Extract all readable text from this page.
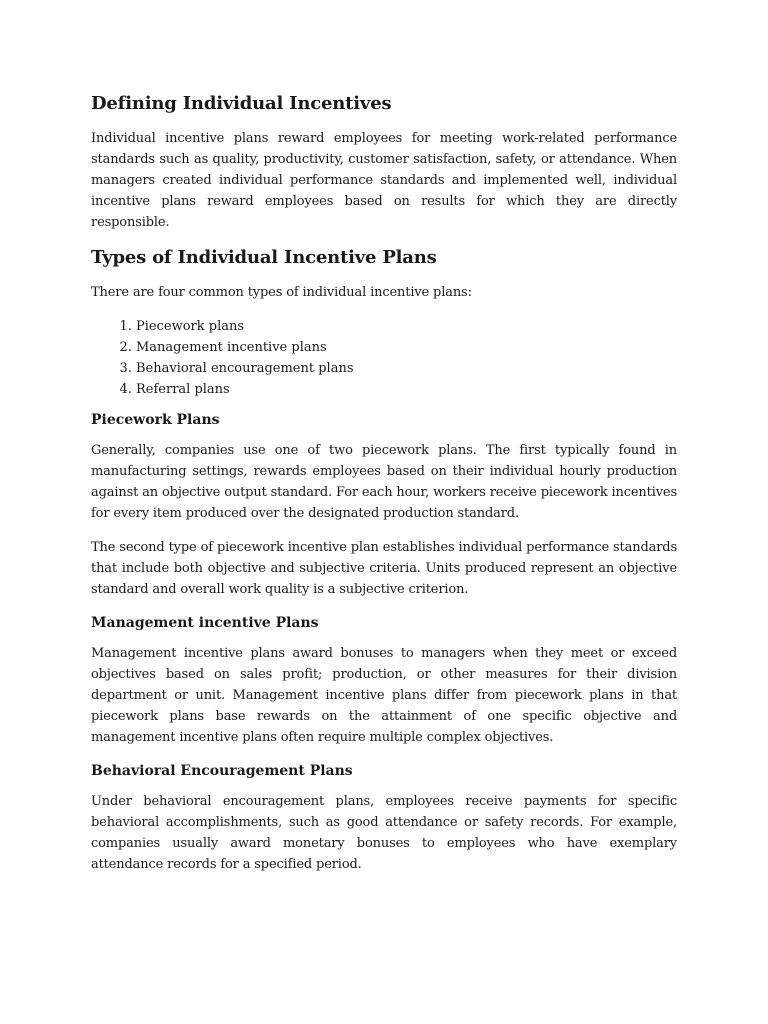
Defining Individual Incentives

Individual incentive plans reward employees for meeting work-related performance standards such as quality, productivity, customer satisfaction, safety, or attendance. When managers created individual performance standards and implemented well, individual incentive plans reward employees based on results for which they are directly responsible.

Types of Individual Incentive Plans

There are four common types of individual incentive plans:

1. Piecework plans
2. Management incentive plans
3. Behavioral encouragement plans
4. Referral plans
Piecework Plans

Generally, companies use one of two piecework plans. The first typically found in manufacturing settings, rewards employees based on their individual hourly production against an objective output standard. For each hour, workers receive piecework incentives for every item produced over the designated production standard.

The second type of piecework incentive plan establishes individual performance standards that include both objective and subjective criteria. Units produced represent an objective standard and overall work quality is a subjective criterion.

Management incentive Plans

Management incentive plans award bonuses to managers when they meet or exceed objectives based on sales profit; production, or other measures for their division department or unit. Management incentive plans differ from piecework plans in that piecework plans base rewards on the attainment of one specific objective and management incentive plans often require multiple complex objectives.

Behavioral Encouragement Plans

Under behavioral encouragement plans, employees receive payments for specific behavioral accomplishments, such as good attendance or safety records. For example, companies usually award monetary bonuses to employees who have exemplary attendance records for a specified period.
